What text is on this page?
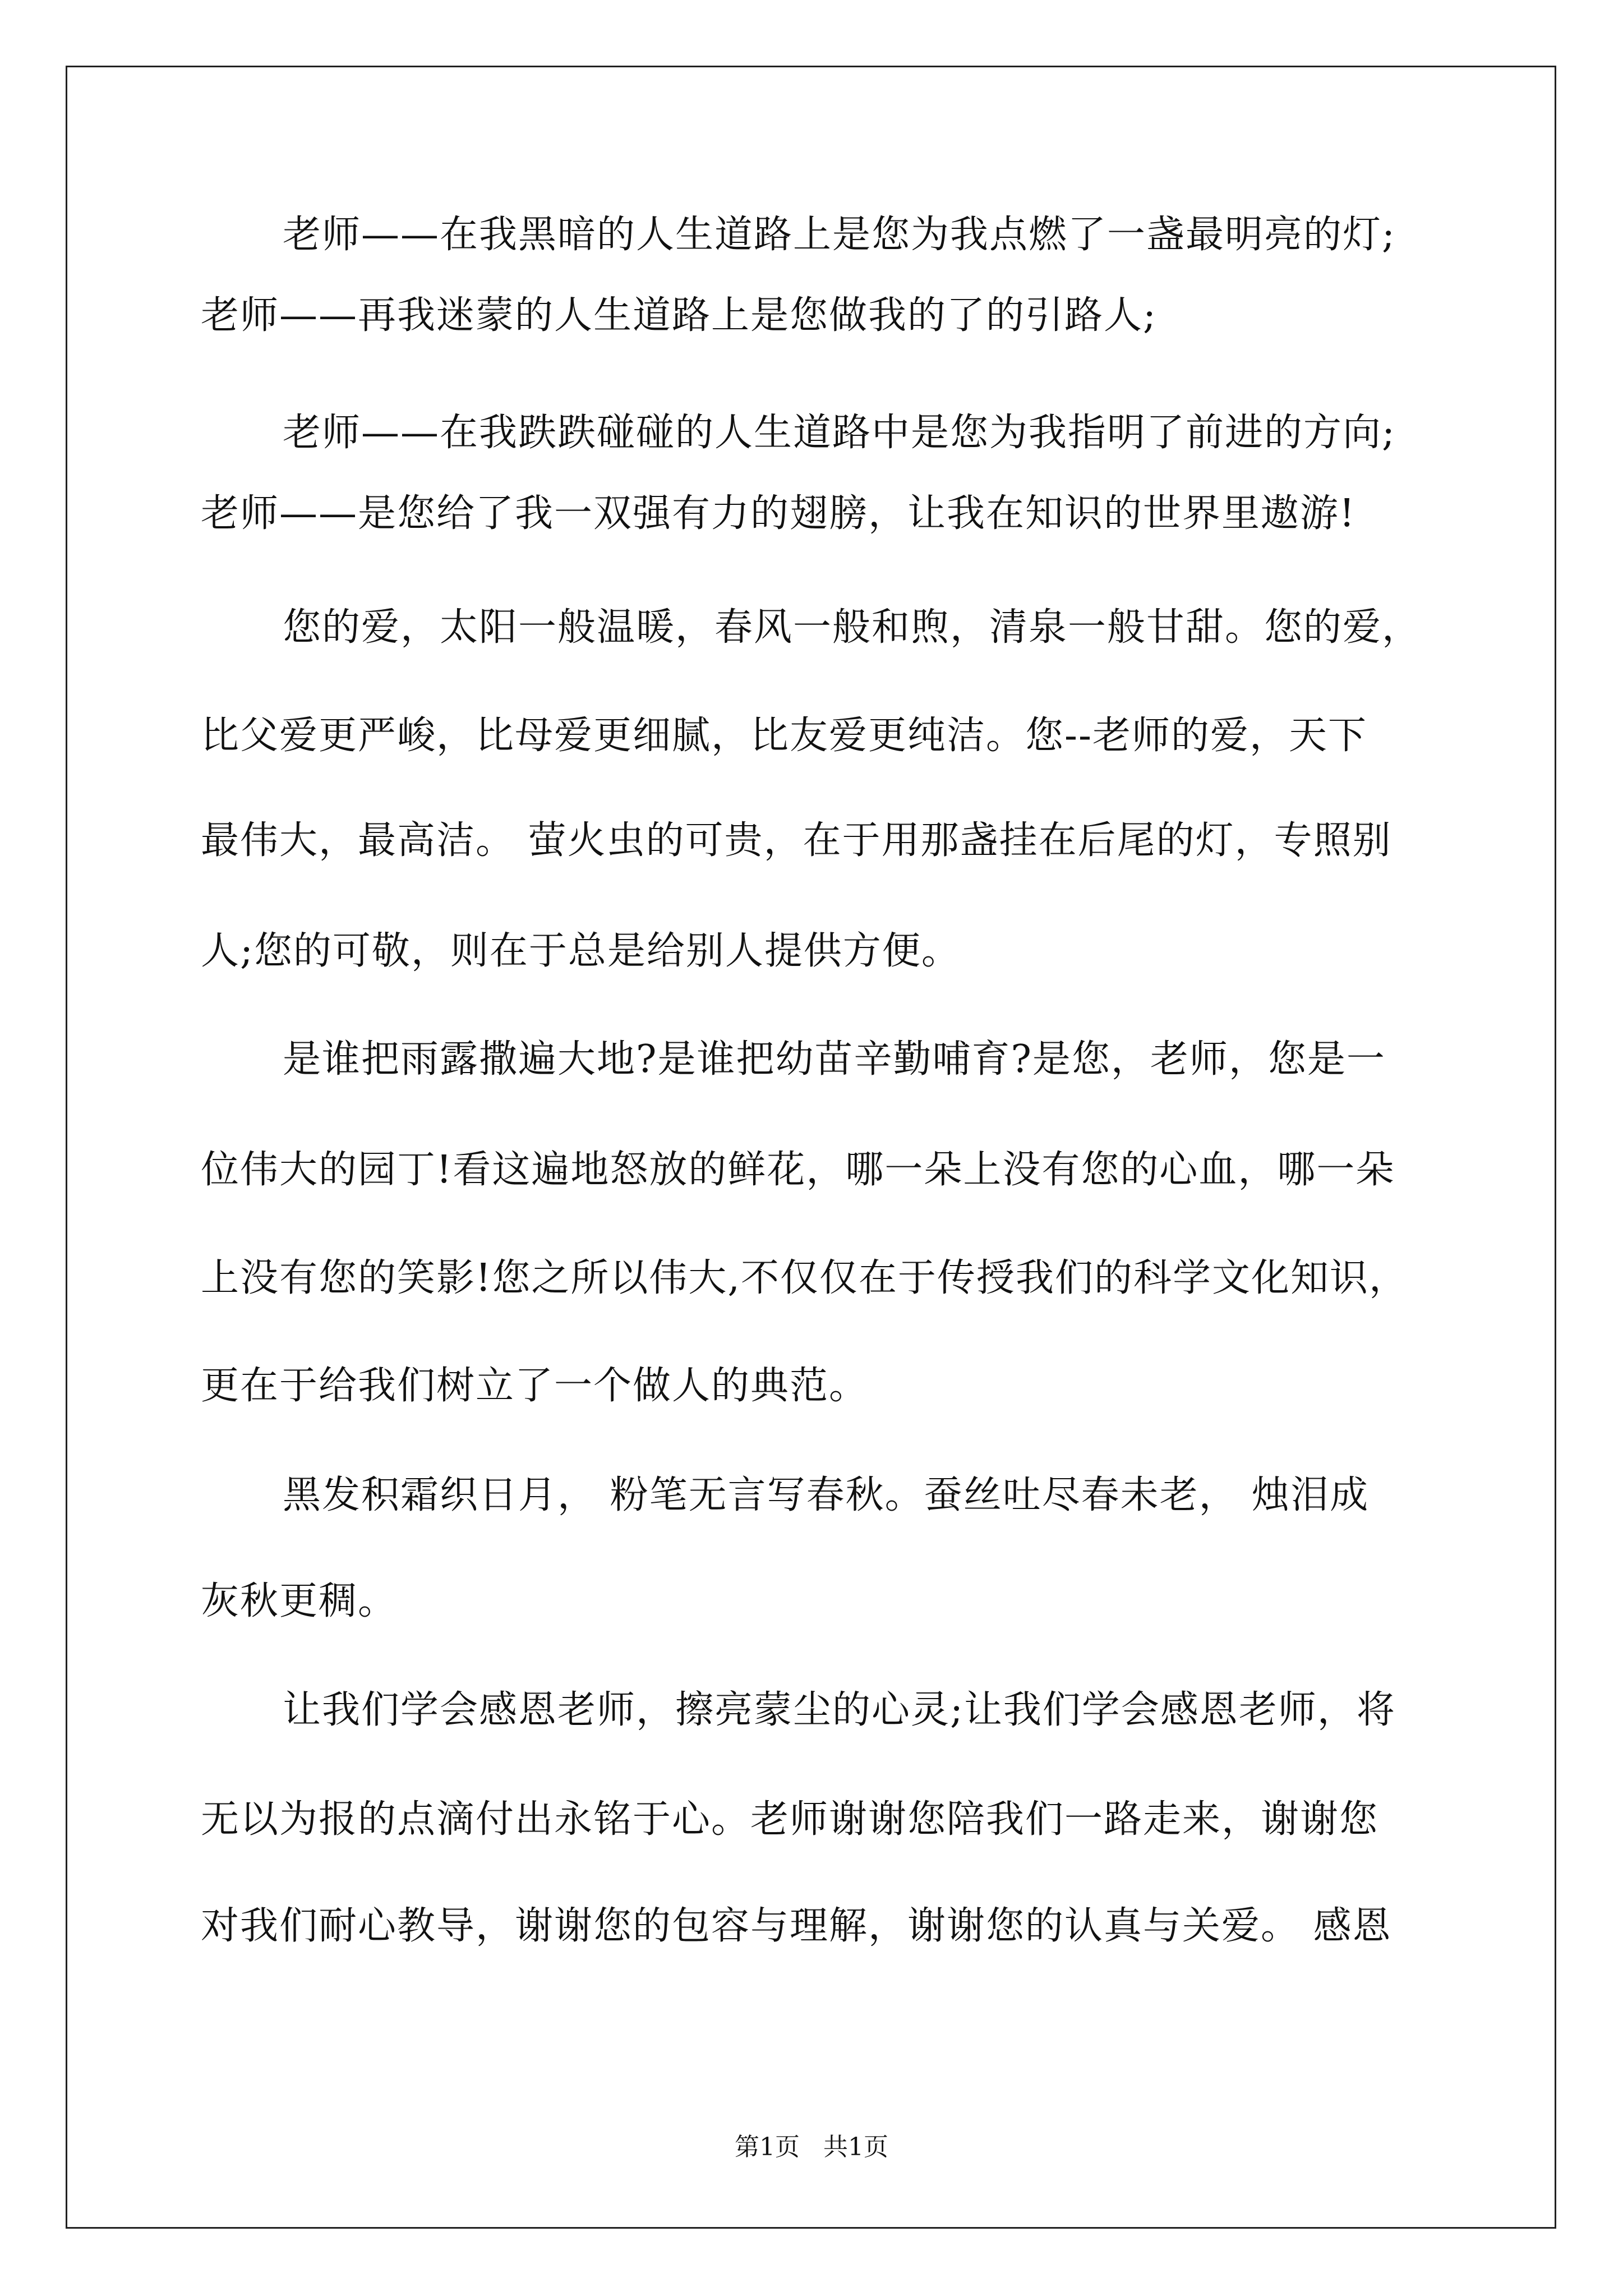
老师——在我黑暗的人生道路上是您为我点燃了一盏最明亮的灯;
老师——再我迷蒙的人生道路上是您做我的了的引路人;
老师——在我跌跌碰碰的人生道路中是您为我指明了前进的方向;
老师——是您给了我一双强有力的翅膀，让我在知识的世界里遨游!
您的爱，太阳一般温暖，春风一般和煦，清泉一般甘甜。您的爱，
比父爱更严峻，比母爱更细腻，比友爱更纯洁。您--老师的爱，天下
最伟大，最高洁。 萤火虫的可贵，在于用那盏挂在后尾的灯，专照别
人;您的可敬，则在于总是给别人提供方便。
是谁把雨露撒遍大地?是谁把幼苗辛勤哺育?是您，老师，您是一
位伟大的园丁!看这遍地怒放的鲜花，哪一朵上没有您的心血，哪一朵
上没有您的笑影!您之所以伟大,不仅仅在于传授我们的科学文化知识，
更在于给我们树立了一个做人的典范。
黑发积霜织日月， 粉笔无言写春秋。蚕丝吐尽春未老， 烛泪成
灰秋更稠。
让我们学会感恩老师，擦亮蒙尘的心灵;让我们学会感恩老师，将
无以为报的点滴付出永铭于心。老师谢谢您陪我们一路走来，谢谢您
对我们耐心教导，谢谢您的包容与理解，谢谢您的认真与关爱。 感恩
第1页 共1页
